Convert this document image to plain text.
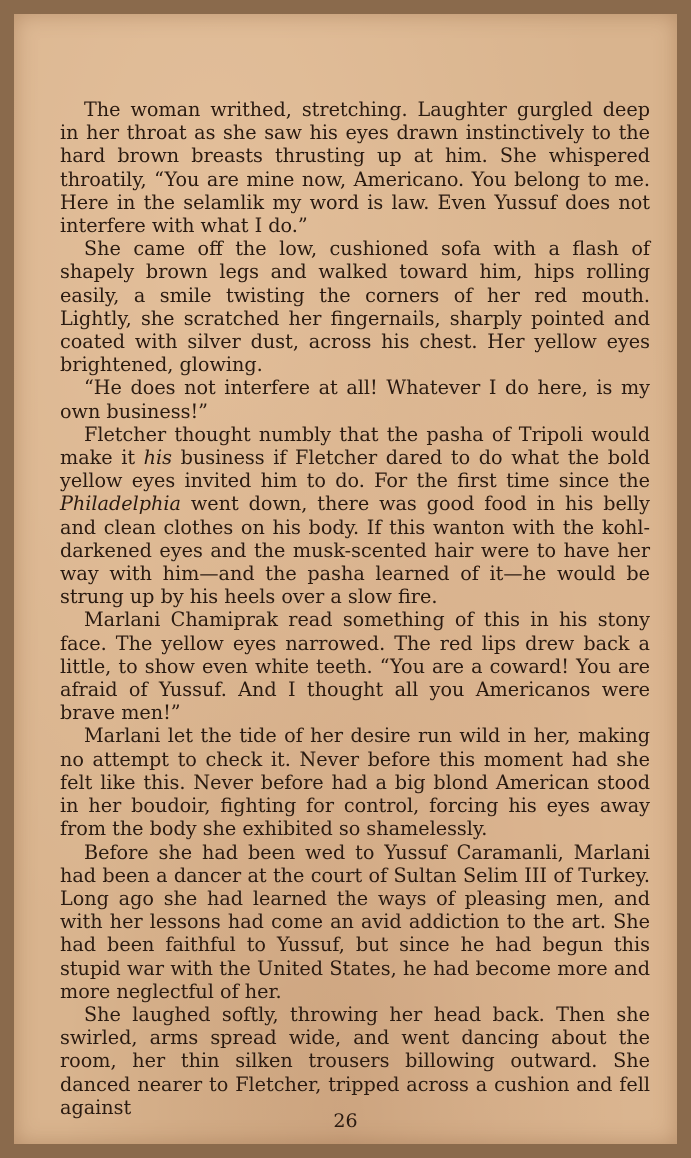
The woman writhed, stretching. Laughter gurgled deep in her throat as she saw his eyes drawn instinctively to the hard brown breasts thrusting up at him. She whispered throatily, “You are mine now, Americano. You belong to me. Here in the selamlik my word is law. Even Yussuf does not interfere with what I do.”

She came off the low, cushioned sofa with a flash of shapely brown legs and walked toward him, hips rolling easily, a smile twisting the corners of her red mouth. Lightly, she scratched her fingernails, sharply pointed and coated with silver dust, across his chest. Her yellow eyes brightened, glowing.

“He does not interfere at all! Whatever I do here, is my own business!”

Fletcher thought numbly that the pasha of Tripoli would make it his business if Fletcher dared to do what the bold yellow eyes invited him to do. For the first time since the Philadelphia went down, there was good food in his belly and clean clothes on his body. If this wanton with the kohl-darkened eyes and the musk-scented hair were to have her way with him—and the pasha learned of it—he would be strung up by his heels over a slow fire.

Marlani Chamiprak read something of this in his stony face. The yellow eyes narrowed. The red lips drew back a little, to show even white teeth. “You are a coward! You are afraid of Yussuf. And I thought all you Americanos were brave men!”

Marlani let the tide of her desire run wild in her, making no attempt to check it. Never before this moment had she felt like this. Never before had a big blond American stood in her boudoir, fighting for control, forcing his eyes away from the body she exhibited so shamelessly.

Before she had been wed to Yussuf Caramanli, Marlani had been a dancer at the court of Sultan Selim III of Turkey. Long ago she had learned the ways of pleasing men, and with her lessons had come an avid addiction to the art. She had been faithful to Yussuf, but since he had begun this stupid war with the United States, he had become more and more neglectful of her.

She laughed softly, throwing her head back. Then she swirled, arms spread wide, and went dancing about the room, her thin silken trousers billowing outward. She danced nearer to Fletcher, tripped across a cushion and fell against

26
